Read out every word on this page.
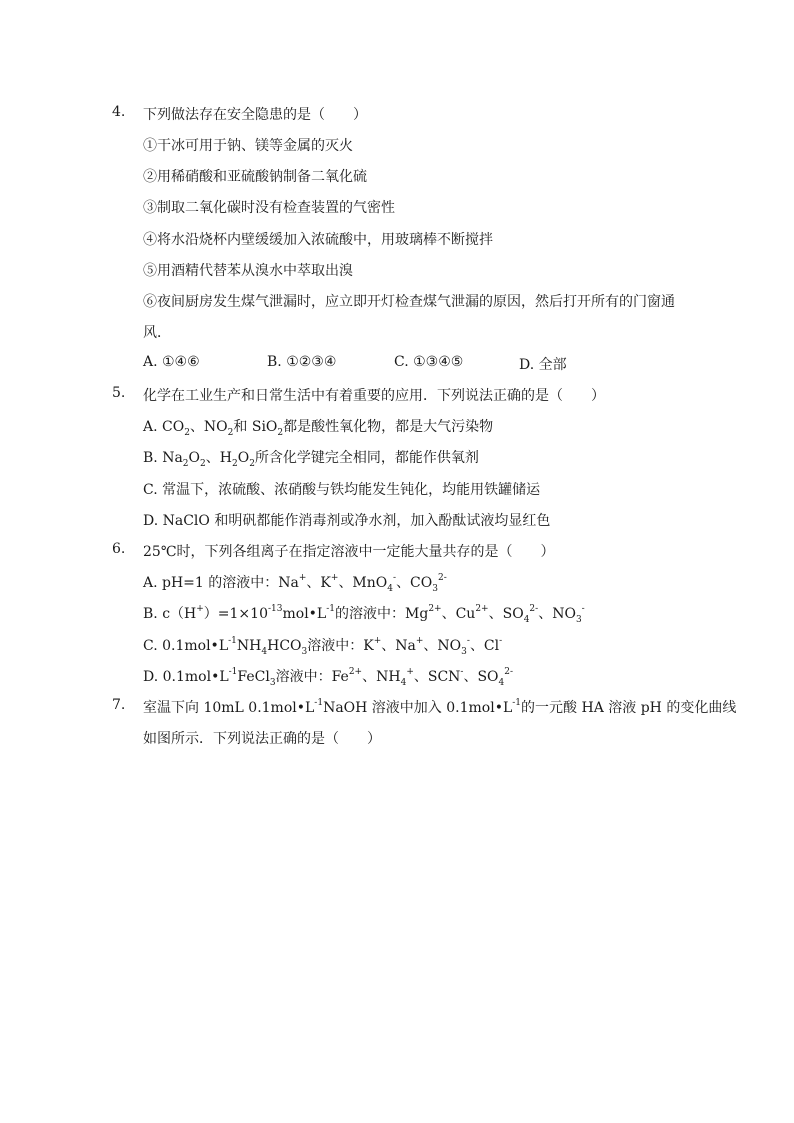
4.	下列做法存在安全隐患的是（　　）
①干冰可用于钠、镁等金属的灭火
②用稀硝酸和亚硫酸钠制备二氧化硫
③制取二氧化碳时没有检查装置的气密性
④将水沿烧杯内壁缓缓加入浓硫酸中，用玻璃棒不断搅拌
⑤用酒精代替苯从溴水中萃取出溴
⑥夜间厨房发生煤气泄漏时，应立即开灯检查煤气泄漏的原因，然后打开所有的门窗通
风．
A. ①④⑥	B. ①②③④	C. ①③④⑤	D. 全部
5.	化学在工业生产和日常生活中有着重要的应用．下列说法正确的是（　　）
A. $CO_2$、$NO_2$和 SiO$_2$都是酸性氧化物，都是大气污染物
B. $Na_2O_2$、$H_2O_2$所含化学键完全相同，都能作供氧剂
C. 常温下，浓硫酸、浓硝酸与铁均能发生钝化，均能用铁罐储运
D. NaClO 和明矾都能作消毒剂或净水剂，加入酚酞试液均显红色
6.	25℃时，下列各组离子在指定溶液中一定能大量共存的是（　　）
A. pH=1 的溶液中：Na+、K+、MnO$_4$-、$CO_3^{2-}$
B. $c(H^+)=1\times 10^{-13}mol•L^{-1}$的溶液中：$Mg^{2+}$、$Cu^{2+}$、$SO_4^{2-}$、$NO_3^-$
C. $0.1mol•L^{-1}NH_4HCO_3$溶液中：K+、Na+、$NO_3^-$、Cl-
D. $0.1mol•L^{-1}FeCl_3$溶液中：$Fe^{2+}$、$NH_4^+$、SCN-、$SO_4^{2-}$
7.	室温下向 10mL $0.1mol•L^{-1}NaOH$ 溶液中加入 $0.1mol•L^{-1}$的一元酸 HA 溶液 pH 的变化曲线
如图所示．下列说法正确的是（　　）
